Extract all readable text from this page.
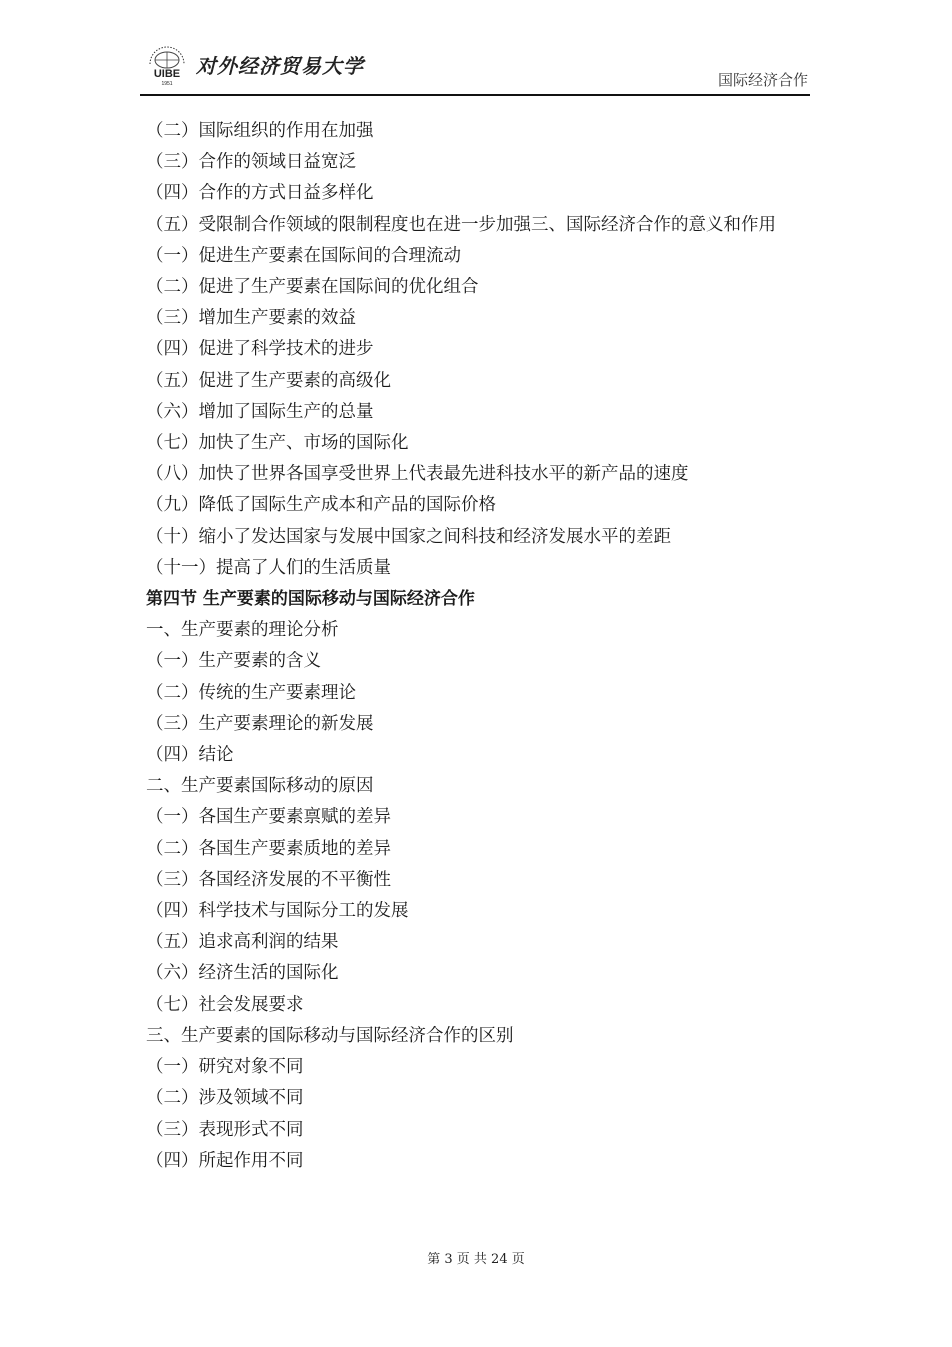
UIBE
1951
对外经济贸易大学
国际经济合作
（二）国际组织的作用在加强
（三）合作的领域日益宽泛
（四）合作的方式日益多样化
（五）受限制合作领域的限制程度也在进一步加强三、国际经济合作的意义和作用
（一）促进生产要素在国际间的合理流动
（二）促进了生产要素在国际间的优化组合
（三）增加生产要素的效益
（四）促进了科学技术的进步
（五）促进了生产要素的高级化
（六）增加了国际生产的总量
（七）加快了生产、市场的国际化
（八）加快了世界各国享受世界上代表最先进科技水平的新产品的速度
（九）降低了国际生产成本和产品的国际价格
（十）缩小了发达国家与发展中国家之间科技和经济发展水平的差距
（十一）提高了人们的生活质量
第四节 生产要素的国际移动与国际经济合作
一、生产要素的理论分析
（一）生产要素的含义
（二）传统的生产要素理论
（三）生产要素理论的新发展
（四）结论
二、生产要素国际移动的原因
（一）各国生产要素禀赋的差异
（二）各国生产要素质地的差异
（三）各国经济发展的不平衡性
（四）科学技术与国际分工的发展
（五）追求高利润的结果
（六）经济生活的国际化
（七）社会发展要求
三、生产要素的国际移动与国际经济合作的区别
（一）研究对象不同
（二）涉及领域不同
（三）表现形式不同
（四）所起作用不同
第 3 页 共 24 页
